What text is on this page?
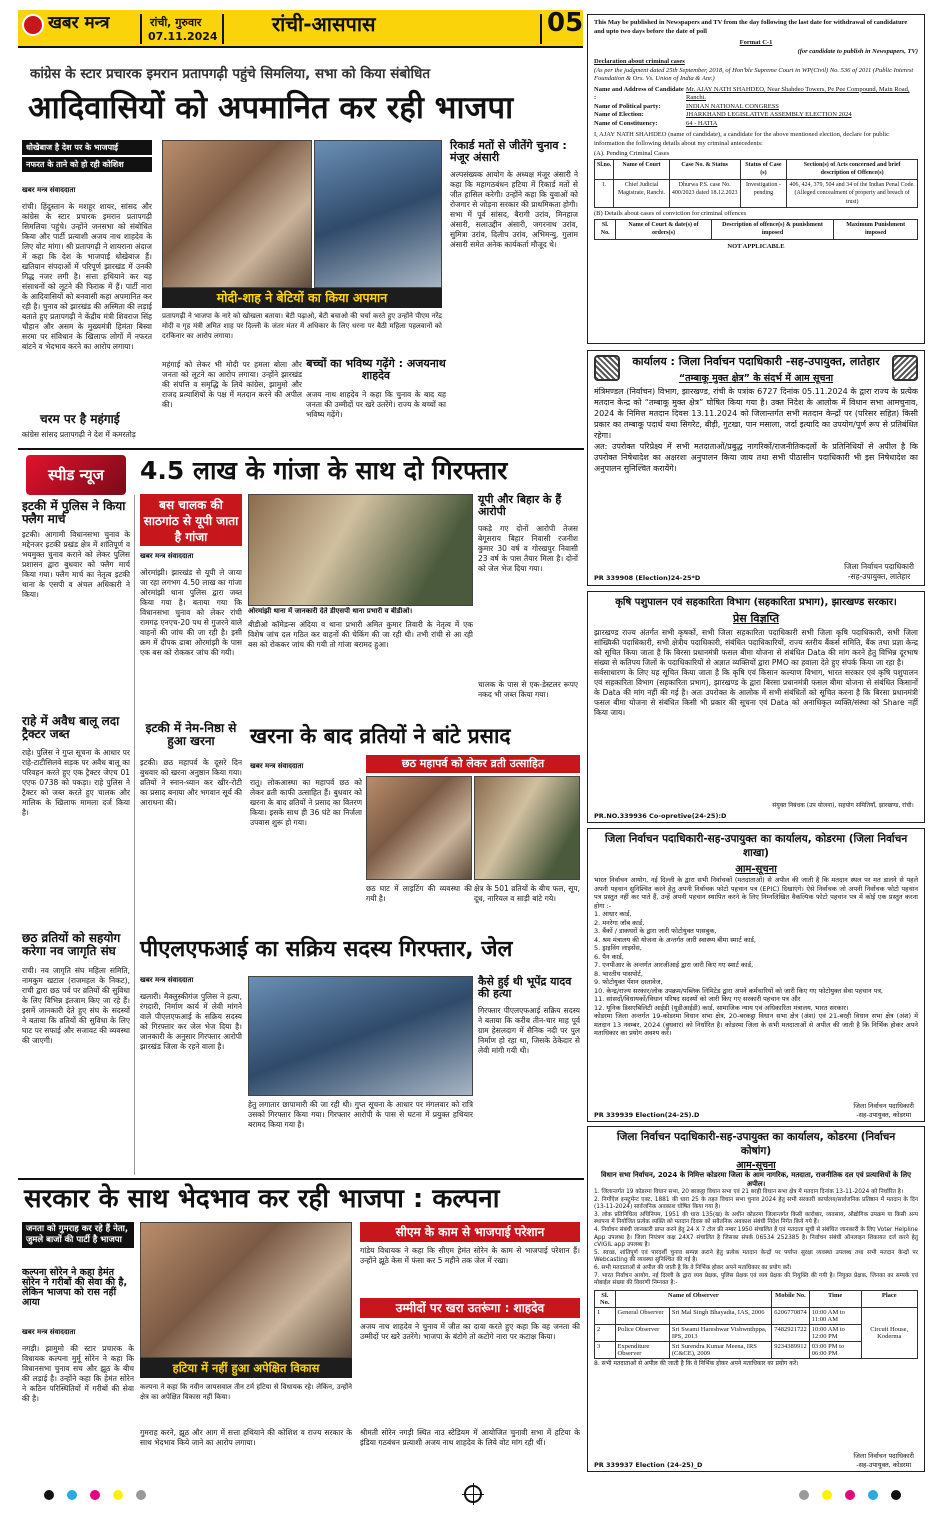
खबर मन्त्र	रांची, गुरुवार
07.11.2024
रांची-आसपास	05
कांग्रेस के स्टार प्रचारक इमरान प्रतापगढ़ी पहुंचे सिमलिया, सभा को किया संबोधित
आदिवासियों को अपमानित कर रही भाजपा
धोखेबाज है देश पर के भाजपाई
नफरत के ताने को हो रही कोशिश
खबर मन्त्र संवाददाता
रांची। हिंदुस्तान के मशहूर शायर, सांसद और कांग्रेस के स्टार प्रचारक इमरान प्रतापगढ़ी सिमलिया पहुंचे। उन्होंने जनसभा को संबोधित किया और पार्टी प्रत्याशी अजय नाथ शाहदेव के लिए वोट मांगा। श्री प्रतापगढ़ी ने शायराना अंदाज में कहा कि देश के भाजपाई धोखेबाज हैं। खतियान संपदाओं में परिपूर्ण झारखंड में उनकी गिद्ध नजर लगी है। सत्ता हथियाने कर यह संसाधनों को लूटने की फिराक में हैं। पार्टी नारा के आदिवासियों को बनवासी कहा अपमानित कर रही है। चुनाव को झारखंड की अस्मिता की लड़ाई बताते हुए प्रतापगढ़ी ने केंद्रीय मंत्री शिवराज सिंह चौहान और असम के मुख्यमंत्री हिमंता बिस्वा सरमा पर संविधान के खिलाफ लोगों में नफरत बांटने व भेदभाव करने का आरोप लगाया।
चरम पर है महंगाई
कांग्रेस सांसद प्रतापगढ़ी ने देश में कमरतोड़
मोदी-शाह ने बेटियों का किया अपमान
प्रतापगढ़ी ने भाजपा के नारे को खोखला बताया। बेटी पढ़ाओ, बेटी बचाओ की चर्चा करते हुए उन्होंने पीएम नरेंद्र मोदी व गृह मंत्री अमित शाह पर दिल्ली के जंतर मंतर में अधिकार के लिए धरना पर बैठी महिला पहलवानों को दरकिनार का आरोप लगाया।
महंगाई को लेकर भी मोदी पर हमला बोला और जनता को लूटने का आरोप लगाया। उन्होंने झारखंड की संपत्ति व समृद्धि के लिये कांग्रेस, झामुमो और राजद प्रत्याशियों के पक्ष में मतदान करने की अपील की।
बच्चों का भविष्य गढ़ेंगे : अजयनाथ शाहदेव
अजय नाथ शाहदेव ने कहा कि चुनाव के बाद यह जनता की उम्मीदों पर खरे उतरेंगे। राज्य के बच्चों का भविष्य गढ़ेंगे।
रिकार्ड मतों से जीतेंगे चुनाव : मंजूर अंसारी
अल्पसंख्यक आयोग के अध्यक्ष मंजूर अंसारी ने कहा कि महागठबंधन हटिया में रिकार्ड मतों से जीत हासिल करेगी। उन्होंने कहा कि युवाओं को रोजगार से जोड़ना सरकार की प्राथमिकता होगी। सभा में पूर्व सांसद, बैरागी उरांव, मिनहाज अंसारी, सलाउद्दीन अंसारी, जगरनाथ उरांव, सुमित्रा उरांव, दिलीप उरांव, अभिमन्यु, गुलाम अंसारी समेत अनेक कार्यकर्ता मौजूद थे।
स्पीड न्यूज	4.5 लाख के गांजा के साथ दो गिरफ्तार
बस चालक की साठगांठ से यूपी जाता है गांजा
ओरमांझी थाना में जानकारी देते डीएसपी थाना प्रभारी व बीडीओ।
यूपी और बिहार के हैं आरोपी
पकड़े गए दोनों आरोपी तेजस बेगूसराय बिहार निवासी रजनीश कुमार 30 वर्ष व गोरखपुर निवासी 23 वर्ष के पास तैयार मिला है। दोनों को जेल भेज दिया गया।
खबर मन्त्र संवाददाता
ओरमांझी। झारखंड से यूपी ले जाया जा रहा लगभग 4.50 लाख का गांजा ओरमांझी थाना पुलिस द्वारा जब्त किया गया है। बताया गया कि विधानसभा चुनाव को लेकर रांची रामगढ़ एनएच-20 पथ से गुजरने वाले वाहनों की जांच की जा रही है। इसी क्रम में दीपक ढाबा ओरमांझी के पास एक बस को रोककर जांच की गयी।
बीडीओ कॉमेडन्स अंदिया व थाना प्रभारी अमित कुमार तिवारी के नेतृत्व में एक विशेष जांच दल गठित कर वाहनों की चेकिंग की जा रही थी। तभी रांची से आ रही बस को रोककर जांच की गयी तो गांजा बरामद हुआ।
चालक के पास से एक-डेस्टलर रूपए नकद भी जब्त किया गया।
इटकी में पुलिस ने किया फ्लैग मार्च
इटकी। आगामी विधानसभा चुनाव के मद्देनजर इटकी प्रखंड क्षेत्र में शांतिपूर्ण व भयमुक्त चुनाव कराने को लेकर पुलिस प्रशासन द्वारा बुधवार को फ्लैग मार्च किया गया। फ्लैग मार्च का नेतृत्व इटकी थाना के एसपी व अंचल अधिकारी ने किया।
राहे में अवैध बालू लदा ट्रैक्टर जब्त
राहे। पुलिस ने गुप्त सूचना के आधार पर राहे-टाटीसिलवे सड़क पर अवैध बालू का परिवहन करते हुए एक ट्रैक्टर जेएच 01 एएफ 0738 को पकड़ा। राहे पुलिस ने ट्रैक्टर को जब्त करते हुए चालक और मालिक के खिलाफ मामला दर्ज किया है।
छठ व्रतियों को सहयोग करेगा नव जागृति संघ
राची। नव जागृति संघ महिला समिति, नामकुम खटाल (राजमहल के निकट), राची द्वारा छठ पर्व पर व्रतियों की सुविधा के लिए विभिन्न इंतजाम किए जा रहे हैं। इसमें जानकारी देते हुए संघ के सदस्यों ने बताया कि व्रतियों की सुविधा के लिए घाट पर सफाई और सजावट की व्यवस्था की जाएगी।
इटकी में नेम-निष्ठा से हुआ खरना
इटकी। छठ महापर्व के दूसरे दिन बुधवार को खरना अनुष्ठान किया गया। व्रतियों ने स्नान-ध्यान कर खीर-रोटी का प्रसाद बनाया और भगवान सूर्य की आराधना की।
खरना के बाद व्रतियों ने बांटे प्रसाद
खबर मन्त्र संवाददाता
रातू। लोकआस्था का महापर्व छठ को लेकर व्रती काफी उत्साहित हैं। बुधवार को खरना के बाद व्रतियों ने प्रसाद का वितरण किया। इसके साथ ही 36 घंटे का निर्जला उपवास शुरू हो गया।
छठ महापर्व को लेकर व्रती उत्साहित
छठ घाट में लाइटिंग की व्यवस्था की गयी है।
क्षेत्र के 501 व्रतियों के बीच फल, सूप, दूध, नारियल व साड़ी बांटे गये।
पीएलएफआई का सक्रिय सदस्य गिरफ्तार, जेल
खबर मन्त्र संवाददाता
खलारी। मैक्लुस्कीगंज पुलिस ने हत्या, रंगदारी, निर्माण कार्य में लेवी मांगने वाले पीएलएफआई के सक्रिय सदस्य को गिरफ्तार कर जेल भेज दिया है। जानकारी के अनुसार गिरफ्तार आरोपी झारखंड जिला के रहने वाला है।
हेतु लगातार छापामारी की जा रही थी। गुप्त सूचना के आधार पर मंगलवार को रात्रि उसको गिरफ्तार किया गया। गिरफ्तार आरोपी के पास से घटना में प्रयुक्त हथियार बरामद किया गया है।
कैसे हुई थी भूपेंद्र यादव की हत्या
गिरफ्तार पीएलएफआई सक्रिय सदस्य ने बताया कि करीब तीन-चार माह पूर्व ग्राम हेसलदाग में सैनिक नदी पर पुल निर्माण हो रहा था, जिसके ठेकेदार से लेवी मांगी गयी थी।
सरकार के साथ भेदभाव कर रही भाजपा : कल्पना
जनता को गुमराह कर रहे हैं नेता, जुमले बाजों की पार्टी है भाजपा
कल्पना सोरेन ने कहा हेमंत सोरेन ने गरीबों की सेवा की है, लेकिन भाजपा को रास नहीं आया
खबर मन्त्र संवाददाता
नगड़ी। झामुमो की स्टार प्रचारक के विधायक कल्पना मुर्मू सोरेन ने कहा कि विधानसभा चुनाव सच और झूठ के बीच की लड़ाई है। उन्होंने कहा कि हेमंत सोरेन ने कठिन परिस्थितियों में गरीबों की सेवा की है।
हटिया में नहीं हुआ अपेक्षित विकास
कल्पना ने कहा कि नवीन जायसवाल तीन टर्म हटिया से विधायक रहे। लेकिन, उन्होंने क्षेत्र का अपेक्षित विकास नहीं किया।
गुमराह करने, झूठ और आग में सत्ता हथियाने की कोशिश व राज्य सरकार के साथ भेदभाव किये जाने का आरोप लगाया।
सीएम के काम से भाजपाई परेशान
गांडेय विधायक ने कहा कि सीएम हेमंत सोरेन के काम से भाजपाई परेशान हैं। उन्होंने झूठे केस में फंसा कर 5 महीने तक जेल में रखा।
उम्मीदों पर खरा उतरूंगा : शाहदेव
अजय नाथ शाहदेव ने चुनाव में जीत का दावा करते हुए कहा कि वह जनता की उम्मीदों पर खरे उतरेंगे। भाजपा के बंटोगे तो कटोगे नारा पर कटाक्ष किया।
श्रीमती सोरेन नगड़ी स्थित नाउ स्टेडियम में आयोजित चुनावी सभा में हटिया के इंडिया गठबंधन प्रत्याशी अजय नाथ शाहदेव के लिये वोट मांग रही थीं।
This May be published in Newspapers and TV from the day following the last date for withdrawal of candidature and upto two days before the date of poll
Format C-1
(for candidate to publish in Newspapers, TV)
Declaration about criminal cases
(As per the judgment dated 25th September, 2018, of Hon'ble Supreme Court in WP(Civil) No. 536 of 2011 (Public Interest Foundation & Ors. Vs. Union of India & Anr.)
Name and Address of Candidate :
Mr. AJAY NATH SHAHDEO, Near Shahdeo Towers, Pe Pee Compound, Main Road, Ranchi.
Name of Political party:	INDIAN NATIONAL CONGRESS
Name of Election:	JHARKHAND LEGISLATIVE ASSEMBLY ELECTION 2024
Name of Constituency:	64 - HATIA
I, AJAY NATH SHAHDEO (name of candidate), a candidate for the above mentioned election, declare for public information the following details about my criminal antecedents:
(A). Pending Criminal Cases
Sl.no.	Name of Court	Case No. & Status	Status of Case (s)	Section(s) of Acts concerned and brief description of Offence(s)
1.	Chief Judicial Magistrate, Ranchi.	Dhurwa P.S. case No. 400/2023 dated 18.12.2023	Investigation - pending	406, 424, 379, 504 and 34 of the Indian Penal Code. (Alleged concealment of property and breach of trust)
(B) Details about cases of conviction for criminal offences
Sl. No.	Name of Court & date(s) of orders(s)	Description of offence(s) & punishment imposed	Maximum Punishment imposed
NOT APPLICABLE
कार्यालय : जिला निर्वाचन पदाधिकारी -सह-उपायुक्त, लातेहार
“तम्बाकू मुक्त क्षेत्र” के संदर्भ में आम सूचना
मंत्रिमण्डल (निर्वाचन) विभाग, झारखण्ड, रांची के पत्रांक 6727 दिनांक 05.11.2024 के द्वारा राज्य के प्रत्येक मतदान केन्द्र को “तम्बाकू मुक्त क्षेत्र” घोषित किया गया है। उक्त निदेश के आलोक में विधान सभा आमचुनाव, 2024 के निमित्त मतदान दिवस 13.11.2024 को जिलान्तर्गत सभी मतदान केन्द्रों पर (परिसर सहित) किसी प्रकार का तम्बाकू पदार्थ यथा सिगरेट, बीड़ी, गुटखा, पान मसाला, जर्दा इत्यादि का उपयोग/पूर्ण रूप से प्रतिबंधित रहेगा।
अत: उपरोक्त परिप्रेक्ष्य में सभी मतदाताओं/प्रबुद्ध नागरिकों/राजनीतिकदलों के प्रतिनिधियों से अपील है कि उपरोक्त निषेधादेश का अक्षरशः अनुपालन किया जाय तथा सभी पीठासीन पदाधिकारी भी इस निषेधादेश का अनुपालन सुनिश्चित करायेंगे।
PR 339908 (Election)24-25*D
जिला निर्वाचन पदाधिकारी
-सह-उपायुक्त, लातेहार
कृषि पशुपालन एवं सहकारिता विभाग (सहकारिता प्रभाग), झारखण्ड सरकार।
प्रेस विज्ञप्ति
झारखण्ड राज्य अंतर्गत सभी कृषकों, सभी जिला सहकारिता पदाधिकारी सभी जिला कृषि पदाधिकारी, सभी जिला सांख्यिकी पदाधिकारी, सभी क्षेत्रीय पदाधिकारी, संबंधित पदाधिकारियों, राज्य स्तरीय बैंकर्स समिति, बैंक तथा प्रज्ञा केन्द्र को सूचित किया जाता है कि बिरसा प्रधानमंत्री फसल बीमा योजना से संबंधित Data की मांग करने हेतु विभिन्न दूरभाष संख्या से कतिपय जिलों के पदाधिकारियों से अज्ञात व्यक्तियों द्वारा PMO का हवाला देते हुए संपर्क किया जा रहा है।
सर्वसाधारण के लिए यह सूचित किया जाता है कि कृषि एवं किसान कल्याण विभाग, भारत सरकार एवं कृषि पशुपालन एवं सहकारिता विभाग (सहकारिता प्रभाग), झारखण्ड के द्वारा बिरसा प्रधानमंत्री फसल बीमा योजना से संबंधित किसानों के Data की मांग नहीं की गई है। अतः उपरोक्त के आलोक में सभी संबंधितों को सूचित करना है कि बिरसा प्रधानमंत्री फसल बीमा योजना से संबंधित किसी भी प्रकार की सूचना एवं Data को अनाधिकृत व्यक्ति/संस्था को Share नहीं किया जाय।
संयुक्त निबंधक (उप योजना), सहयोग समितियाँ, झारखण्ड, रांची।
PR.NO.339936 Co-opretive(24-25):D
जिला निर्वाचन पदाधिकारी-सह-उपायुक्त का कार्यालय, कोडरमा (जिला निर्वाचन शाखा)
आम-सूचना
भारत निर्वाचन आयोग, नई दिल्ली के द्वारा सभी निर्वाचकों (मतदाताओं) से अपील की जाती है कि मतदान स्थल पर मत डालने से पहले अपनी पहचान सुनिश्चित करने हेतु अपनी निर्वाचक फोटो पहचान पत्र (EPIC) दिखाएंगे। ऐसे निर्वाचक जो अपनी निर्वाचक फोटो पहचान पत्र प्रस्तुत नहीं कर पाते हैं, उन्हें अपनी पहचान स्थापित करने के लिए निम्नलिखित वैकल्पिक फोटो पहचान पत्र में कोई एक प्रस्तुत करना होगा :-
1. आधार कार्ड,
2. मनरेगा जॉब कार्ड,
3. बैंकों / डाकघरों के द्वारा जारी फोटोयुक्त पासबुक,
4. श्रम मंत्रालय की योजना के अन्तर्गत जारी स्वास्थ्य बीमा स्मार्ट कार्ड,
5. ड्राइविंग लाइसेंस,
6. पैन कार्ड,
7. एनपीआर के अन्तर्गत आरजीआई द्वारा जारी किए गए स्मार्ट कार्ड,
8. भारतीय पासपोर्ट,
9. फोटोयुक्त पेंशन दस्तावेज,
10. केन्द्र/राज्य सरकार/लोक उपक्रम/पब्लिक लिमिटेड द्वारा अपने कर्मचारियों को जारी किए गए फोटोयुक्त सेवा पहचान पत्र,
11. सांसदों/विधायकों/विधान परिषद सदस्यों को जारी किए गए सरकारी पहचान पत्र और
12. यूनिक डिसएबिलिटी आईडी (यूडीआईडी) कार्ड, सामाजिक न्याय एवं अधिकारिता मंत्रालय, भारत सरकार।
कोडरमा जिला अन्तर्गत 19-कोडरमा विधान सभा क्षेत्र, 20-बरकट्ठा विधान सभा क्षेत्र (अंश) एवं 21-बरही विधान सभा क्षेत्र (अंश) में मतदान 13 नवम्बर, 2024 (बुधवार) को निर्धारित है। कोडरमा जिला के सभी मतदाताओं से अपील की जाती है कि निर्भिक होकर अपने मताधिकार का प्रयोग अवश्य करें।
PR 339939 Election(24-25).D
जिला निर्वाचन पदाधिकारी
-सह-उपायुक्त, कोडरमा
जिला निर्वाचन पदाधिकारी-सह-उपायुक्त का कार्यालय, कोडरमा (निर्वाचन कोषांग)
आम-सूचना
विधान सभा निर्वाचन, 2024 के निमित्त कोडरमा जिला के आम नागरिक, मतदाता, राजनीतिक दल एवं प्रत्याशियों के लिए अपील।
1. जिलान्तर्गत 19 कोडरमा विधान सभा, 20 बरकट्ठा विधान सभा एवं 21 बरही विधान सभा क्षेत्र में मतदान दिनांक 13-11-2024 को निर्धारित है।
2. निर्गोऐल इन्स्ट्रुमेन्ट एक्ट, 1881 की धारा 25 के तहत विधान सभा चुनाव 2024 हेतु सभी सरकारी कार्यालय/सार्वजनिक प्रतिष्ठान में मतदान के दिन (13-11-2024) सार्वजनिक अवकाश घोषित किया गया है।
3. लोक प्रतिनिधित्व अधिनियम, 1951 की धारा 135(ख) के अधीन कोडरमा जिलान्तर्गत किसी कारोबार, व्यवसाय, औद्योगिक उपक्रम या किसी अन्य स्थापना में नियोजित प्रत्येक व्यक्ति को मतदान दिवस को सवैतनिक अवकाश संबंधी निदेश निर्गत किये गये हैं।
4. निर्वाचन संबंधी जानकारी प्राप्त करने हेतु 24 X 7 टोल फ्री नम्बर 1950 संचालित है एवं मतदाता सूची से संबंधित जानकारी के लिए Voter Helpline App उपलब्ध है। जिला नियंत्रण कक्ष 24X7 संचालित है जिसका संपर्क 06534 252385 है। निर्वाचन संबंधी ऑनलाइन शिकायत दर्ज करने हेतु cVIGIL app उपलब्ध है।
5. स्वच्छ, शांतिपूर्ण एवं पारदर्शी चुनाव सम्पन्न कराने हेतु प्रत्येक मतदान केन्द्रों पर पर्याप्त सुरक्षा व्यवस्था उपलब्ध तथा सभी मतदान केन्द्रों पर Webcasting की व्यवस्था सुनिश्चित की गई है।
6. सभी मतदाताओं से अपील की जाती है कि वे निर्भिक होकर अपने मताधिकार का प्रयोग करें।
7. भारत निर्वाचन आयोग, नई दिल्ली के द्वारा व्यय प्रेक्षक, पुलिस प्रेक्षक एवं व्यय प्रेक्षक की नियुक्ति की गयी है। नियुक्त प्रेक्षक, जिनका का सम्पर्क एवं मोबाईल संख्या की विवरणी निम्नवत है:-
Sl. No.	Name of Observer		Mobile No.	Time	Place
1	General Observer	Sri Mal Singh Bhayadia, IAS, 2006	6206770874	10:00 AM to 11:00 AM	Circuit House, Koderma
2	Police Observer	Sri Swami Hareshwar Vishwnthppa, IPS, 2013	7482921722	10:00 AM to 12:00 PM	
3	Expenditure Observer	Sri Surendra Kumar Meena, IRS (C&CE), 2009	9234389912	03:00 PM to 06:00 PM	
8. सभी मतदाताओं से अपील की जाती है कि वे निर्भिक होकर अपने मताधिकार का प्रयोग करें।
PR 339937 Election (24-25)_D
जिला निर्वाचन पदाधिकारी
-सह-उपायुक्त, कोडरमा
